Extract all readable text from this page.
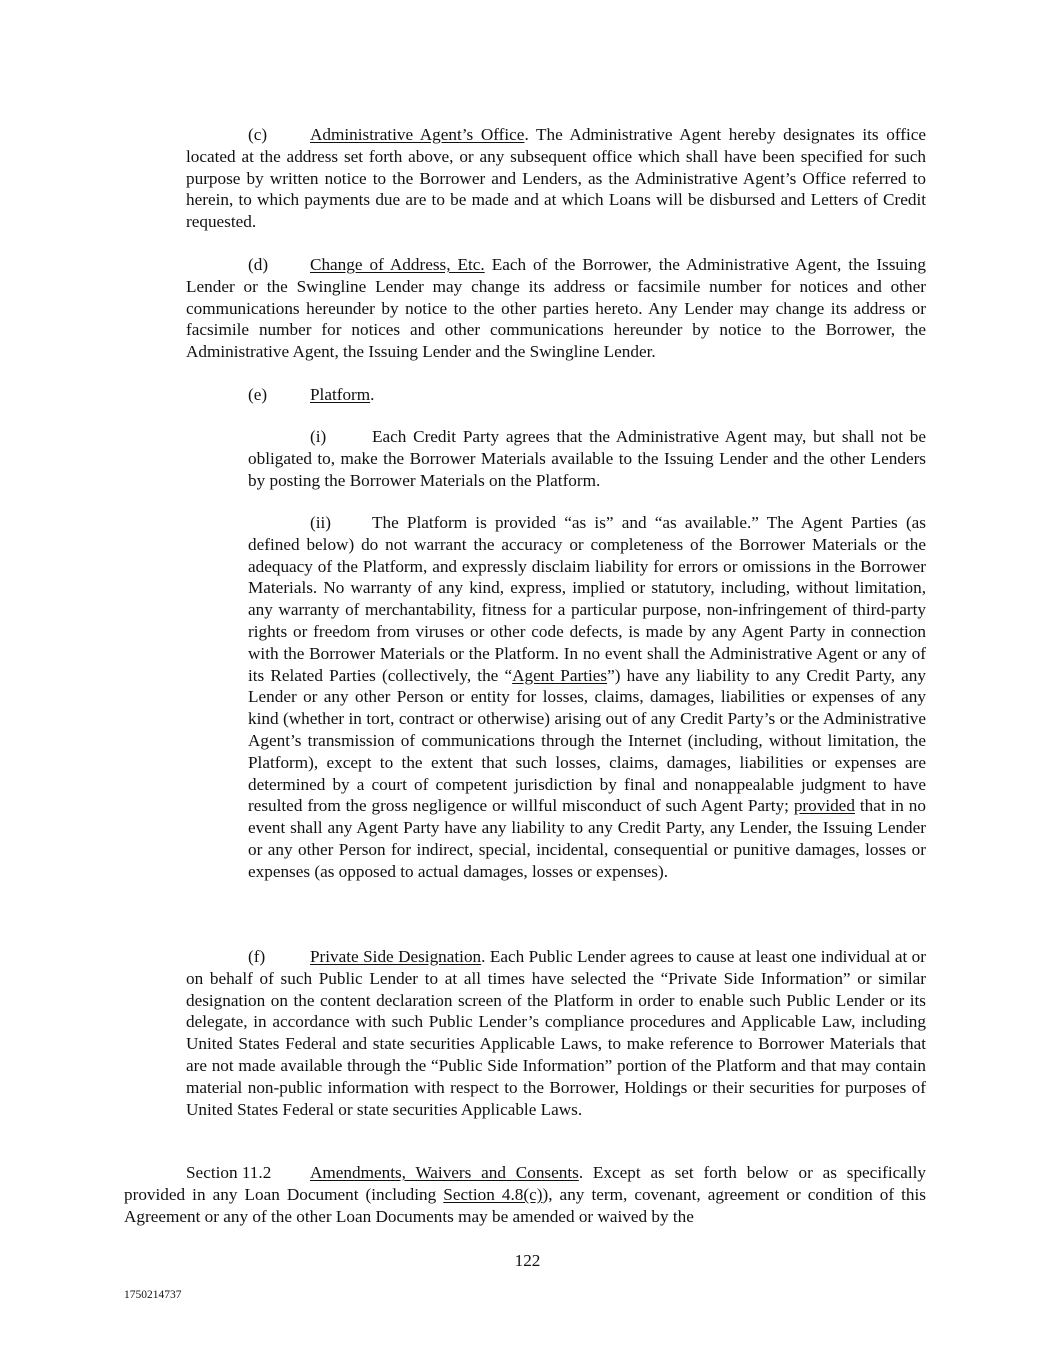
(c) Administrative Agent’s Office. The Administrative Agent hereby designates its office located at the address set forth above, or any subsequent office which shall have been specified for such purpose by written notice to the Borrower and Lenders, as the Administrative Agent’s Office referred to herein, to which payments due are to be made and at which Loans will be disbursed and Letters of Credit requested.

(d) Change of Address, Etc. Each of the Borrower, the Administrative Agent, the Issuing Lender or the Swingline Lender may change its address or facsimile number for notices and other communications hereunder by notice to the other parties hereto. Any Lender may change its address or facsimile number for notices and other communications hereunder by notice to the Borrower, the Administrative Agent, the Issuing Lender and the Swingline Lender.

(e) Platform.

(i)	Each Credit Party agrees that the Administrative Agent may, but shall not be obligated to, make the Borrower Materials available to the Issuing Lender and the other Lenders by posting the Borrower Materials on the Platform.

(ii) The Platform is provided “as is” and “as available.” The Agent Parties (as defined below) do not warrant the accuracy or completeness of the Borrower Materials or the adequacy of the Platform, and expressly disclaim liability for errors or omissions in the Borrower Materials. No warranty of any kind, express, implied or statutory, including, without limitation, any warranty of merchantability, fitness for a particular purpose, non-infringement of third-party rights or freedom from viruses or other code defects, is made by any Agent Party in connection with the Borrower Materials or the Platform. In no event shall the Administrative Agent or any of its Related Parties (collectively, the “Agent Parties”) have any liability to any Credit Party, any Lender or any other Person or entity for losses, claims, damages, liabilities or expenses of any kind (whether in tort, contract or otherwise) arising out of any Credit Party’s or the Administrative Agent’s transmission of communications through the Internet (including, without limitation, the Platform), except to the extent that such losses, claims, damages, liabilities or expenses are determined by a court of competent jurisdiction by final and nonappealable judgment to have resulted from the gross negligence or willful misconduct of such Agent Party; provided that in no event shall any Agent Party have any liability to any Credit Party, any Lender, the Issuing Lender or any other Person for indirect, special, incidental, consequential or punitive damages, losses or expenses (as opposed to actual damages, losses or expenses).

(f)	Private Side Designation. Each Public Lender agrees to cause at least one individual at or on behalf of such Public Lender to at all times have selected the “Private Side Information” or similar designation on the content declaration screen of the Platform in order to enable such Public Lender or its delegate, in accordance with such Public Lender’s compliance procedures and Applicable Law, including United States Federal and state securities Applicable Laws, to make reference to Borrower Materials that are not made available through the “Public Side Information” portion of the Platform and that may contain material non-public information with respect to the Borrower, Holdings or their securities for purposes of United States Federal or state securities Applicable Laws.

Section 11.2 Amendments, Waivers and Consents. Except as set forth below or as specifically provided in any Loan Document (including Section 4.8(c)), any term, covenant, agreement or condition of this Agreement or any of the other Loan Documents may be amended or waived by the

122
1750214737
